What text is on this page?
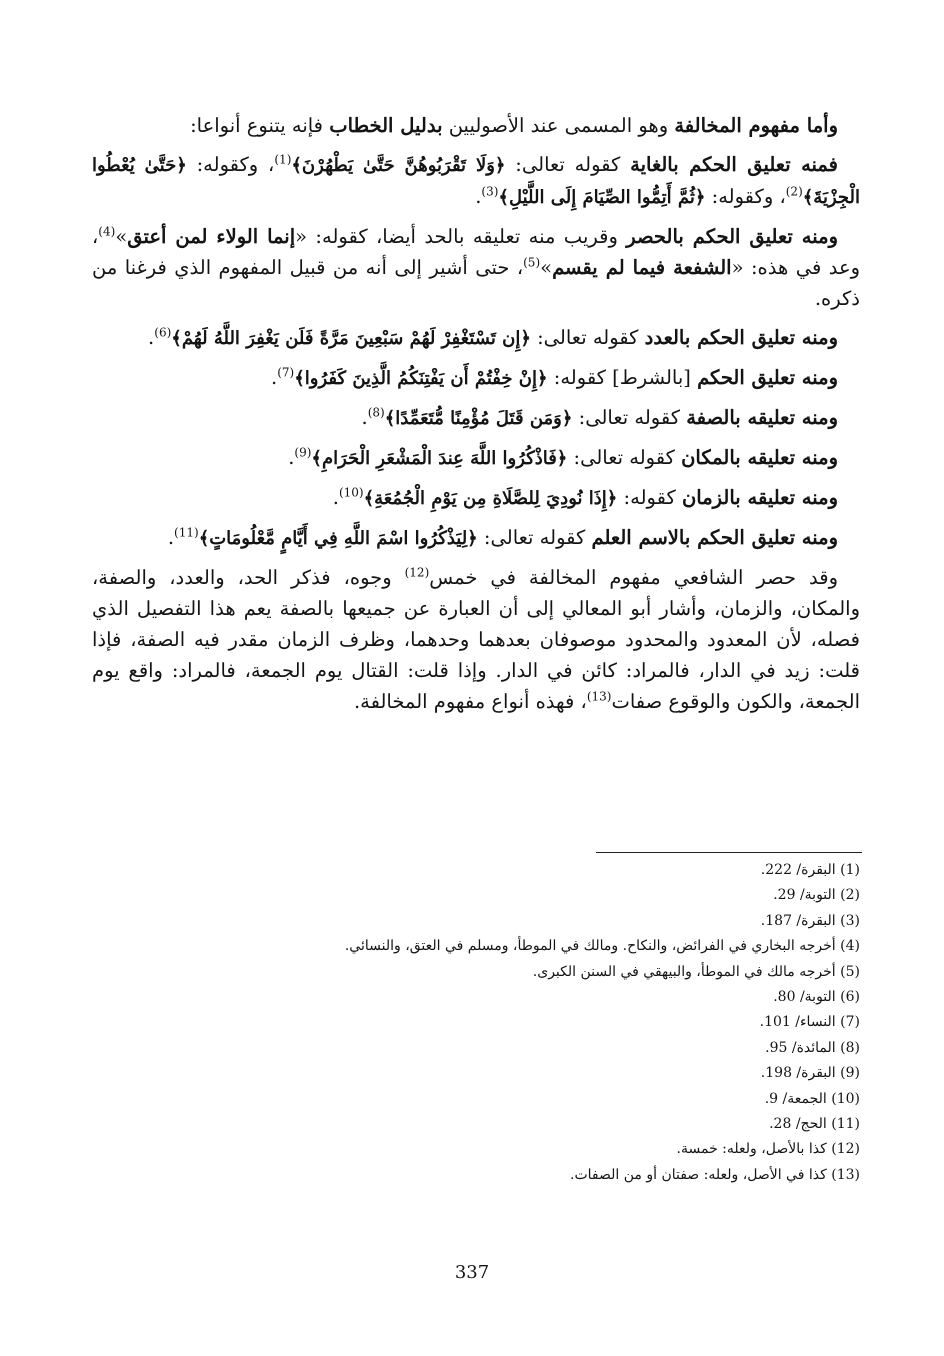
وأما مفهوم المخالفة وهو المسمى عند الأصوليين بدليل الخطاب فإنه يتنوع أنواعا:

فمنه تعليق الحكم بالغاية كقوله تعالى: ﴿وَلَا تَقْرَبُوهُنَّ حَتَّىٰ يَطْهُرْنَ﴾$^{(1)}$، وكقوله: ﴿حَتَّىٰ يُعْطُوا الْجِزْيَةَ﴾$^{(2)}$، وكقوله: ﴿ثُمَّ أَتِمُّوا الصِّيَامَ إِلَى اللَّيْلِ﴾$^{(3)}$.

ومنه تعليق الحكم بالحصر وقريب منه تعليقه بالحد أيضا، كقوله: «إنما الولاء لمن أعتق»$^{(4)}$، وعد في هذه: «الشفعة فيما لم يقسم»$^{(5)}$، حتى أشير إلى أنه من قبيل المفهوم الذي فرغنا من ذكره.

ومنه تعليق الحكم بالعدد كقوله تعالى: ﴿إِن تَسْتَغْفِرْ لَهُمْ سَبْعِينَ مَرَّةً فَلَن يَغْفِرَ اللَّهُ لَهُمْ﴾$^{(6)}$.

ومنه تعليق الحكم [بالشرط] كقوله: ﴿إِنْ خِفْتُمْ أَن يَفْتِنَكُمُ الَّذِينَ كَفَرُوا﴾$^{(7)}$.

ومنه تعليقه بالصفة كقوله تعالى: ﴿وَمَن قَتَلَ مُؤْمِنًا مُّتَعَمِّدًا﴾$^{(8)}$.

ومنه تعليقه بالمكان كقوله تعالى: ﴿فَاذْكُرُوا اللَّهَ عِندَ الْمَشْعَرِ الْحَرَامِ﴾$^{(9)}$.

ومنه تعليقه بالزمان كقوله: ﴿إِذَا نُودِيَ لِلصَّلَاةِ مِن يَوْمِ الْجُمُعَةِ﴾$^{(10)}$.

ومنه تعليق الحكم بالاسم العلم كقوله تعالى: ﴿لِيَذْكُرُوا اسْمَ اللَّهِ فِي أَيَّامٍ مَّعْلُومَاتٍ﴾$^{(11)}$.

وقد حصر الشافعي مفهوم المخالفة في خمس$^{(12)}$ وجوه، فذكر الحد، والعدد، والصفة، والمكان، والزمان، وأشار أبو المعالي إلى أن العبارة عن جميعها بالصفة يعم هذا التفصيل الذي فصله، لأن المعدود والمحدود موصوفان بعدهما وحدهما، وظرف الزمان مقدر فيه الصفة، فإذا قلت: زيد في الدار، فالمراد: كائن في الدار. وإذا قلت: القتال يوم الجمعة، فالمراد: واقع يوم الجمعة، والكون والوقوع صفات$^{(13)}$، فهذه أنواع مفهوم المخالفة.

(1) البقرة/ 222.
(2) التوبة/ 29.
(3) البقرة/ 187.
(4) أخرجه البخاري في الفرائض، والنكاح. ومالك في الموطأ، ومسلم في العتق، والنسائي.
(5) أخرجه مالك في الموطأ، والبيهقي في السنن الكبرى.
(6) التوبة/ 80.
(7) النساء/ 101.
(8) المائدة/ 95.
(9) البقرة/ 198.
(10) الجمعة/ 9.
(11) الحج/ 28.
(12) كذا بالأصل، ولعله: خمسة.
(13) كذا في الأصل، ولعله: صفتان أو من الصفات.
337
